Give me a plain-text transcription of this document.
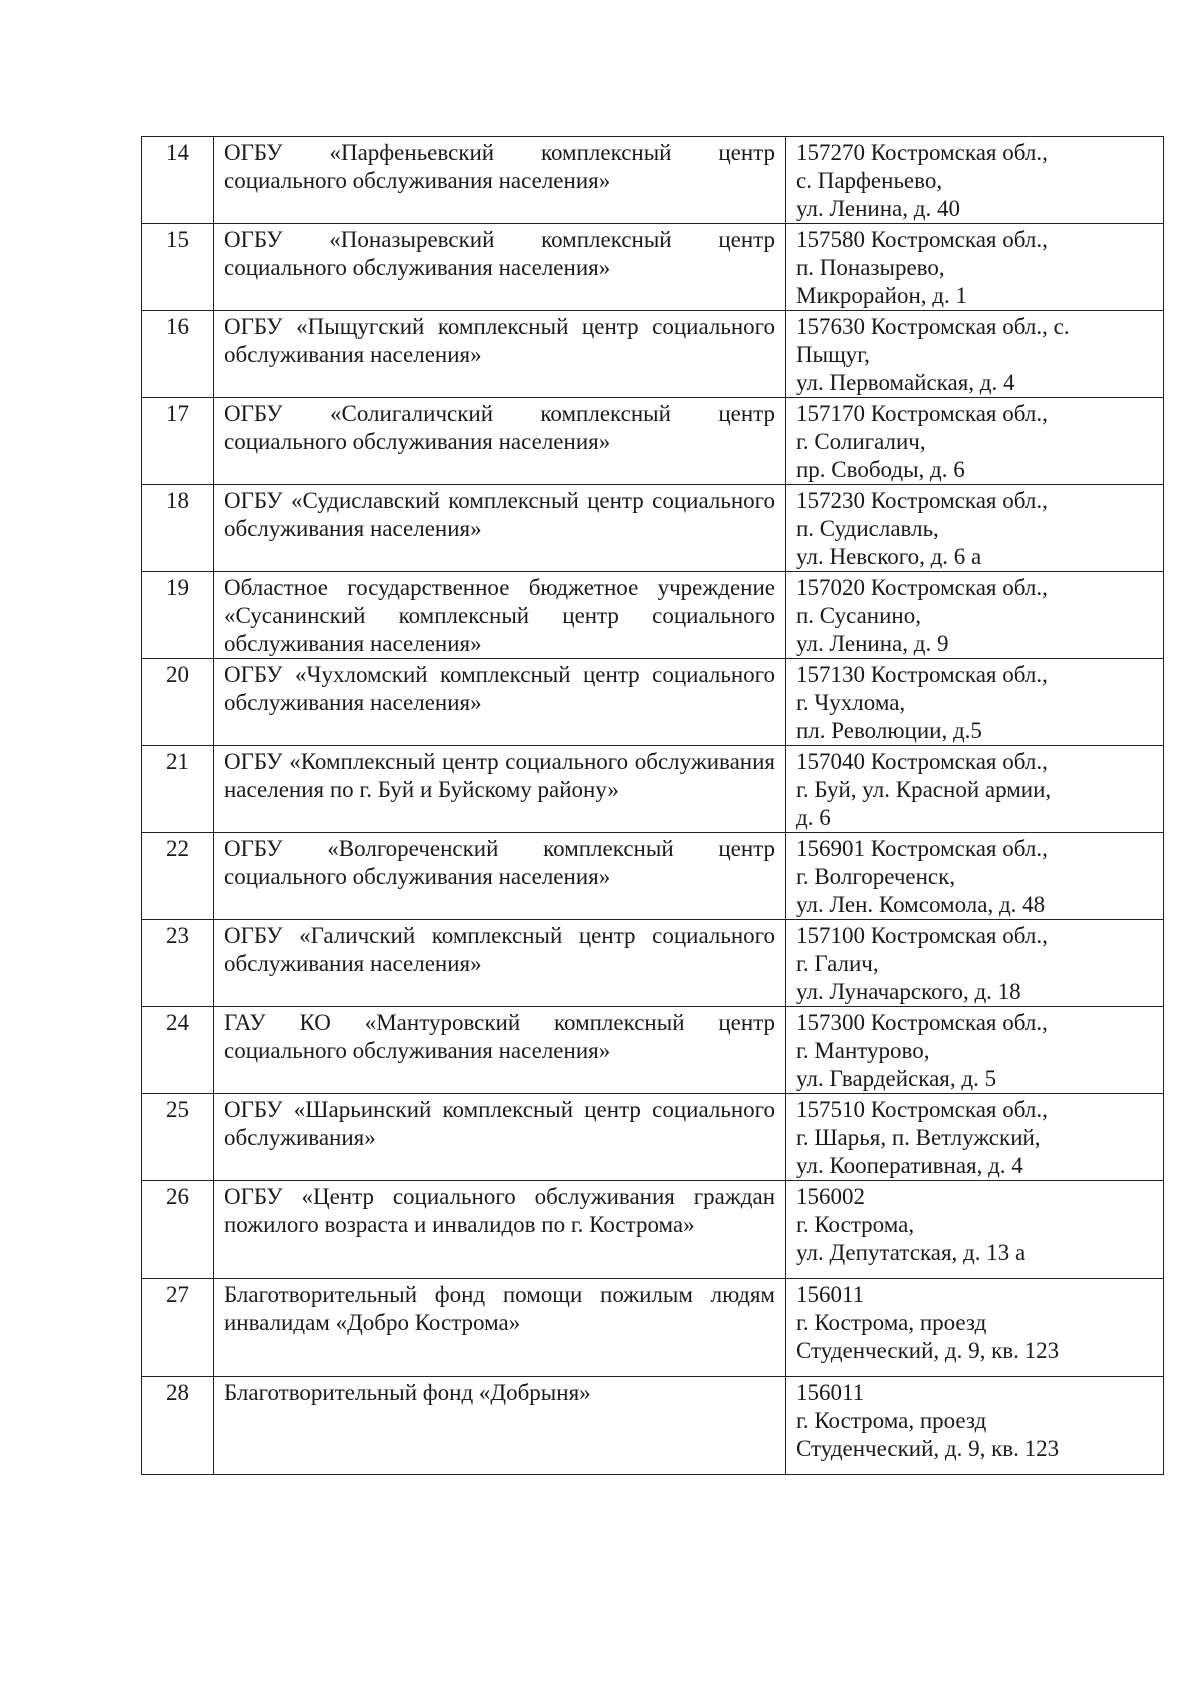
14	ОГБУ «Парфеньевский комплексный центр социального обслуживания населения»	157270 Костромская обл.,
с. Парфеньево,
ул. Ленина, д. 40

15	ОГБУ «Поназыревский комплексный центр социального обслуживания населения»	157580 Костромская обл.,
п. Поназырево,
Микрорайон, д. 1

16	ОГБУ «Пыщугский комплексный центр социального обслуживания населения»	157630 Костромская обл., с.
Пыщуг,
ул. Первомайская, д. 4

17	ОГБУ «Солигаличский комплексный центр социального обслуживания населения»	157170 Костромская обл.,
г. Солигалич,
пр. Свободы, д. 6

18	ОГБУ «Судиславский комплексный центр социального обслуживания населения»	157230 Костромская обл.,
п. Судиславль,
ул. Невского, д. 6 а

19	Областное государственное бюджетное учреждение «Сусанинский комплексный центр социального обслуживания населения»	157020 Костромская обл.,
п. Сусанино,
ул. Ленина, д. 9

20	ОГБУ «Чухломский комплексный центр социального обслуживания населения»	157130 Костромская обл.,
г. Чухлома,
пл. Революции, д.5

21	ОГБУ «Комплексный центр социального обслуживания населения по г. Буй и Буйскому району»	157040 Костромская обл.,
г. Буй, ул. Красной армии,
д. 6

22	ОГБУ «Волгореченский комплексный центр социального обслуживания населения»	156901 Костромская обл.,
г. Волгореченск,
ул. Лен. Комсомола, д. 48

23	ОГБУ «Галичский комплексный центр социального обслуживания населения»	157100 Костромская обл.,
г. Галич,
ул. Луначарского, д. 18

24	ГАУ КО «Мантуровский комплексный центр социального обслуживания населения»	157300 Костромская обл.,
г. Мантурово,
ул. Гвардейская, д. 5

25	ОГБУ «Шарьинский комплексный центр социального обслуживания»	157510 Костромская обл.,
г. Шарья, п. Ветлужский,
ул. Кооперативная, д. 4

26	ОГБУ «Центр социального обслуживания граждан пожилого возраста и инвалидов по г. Кострома»	156002
г. Кострома,
ул. Депутатская, д. 13 а

27	Благотворительный фонд помощи пожилым людям инвалидам «Добро Кострома»	156011
г. Кострома, проезд
Студенческий, д. 9, кв. 123

28	Благотворительный фонд «Добрыня»	156011
г. Кострома, проезд
Студенческий, д. 9, кв. 123
